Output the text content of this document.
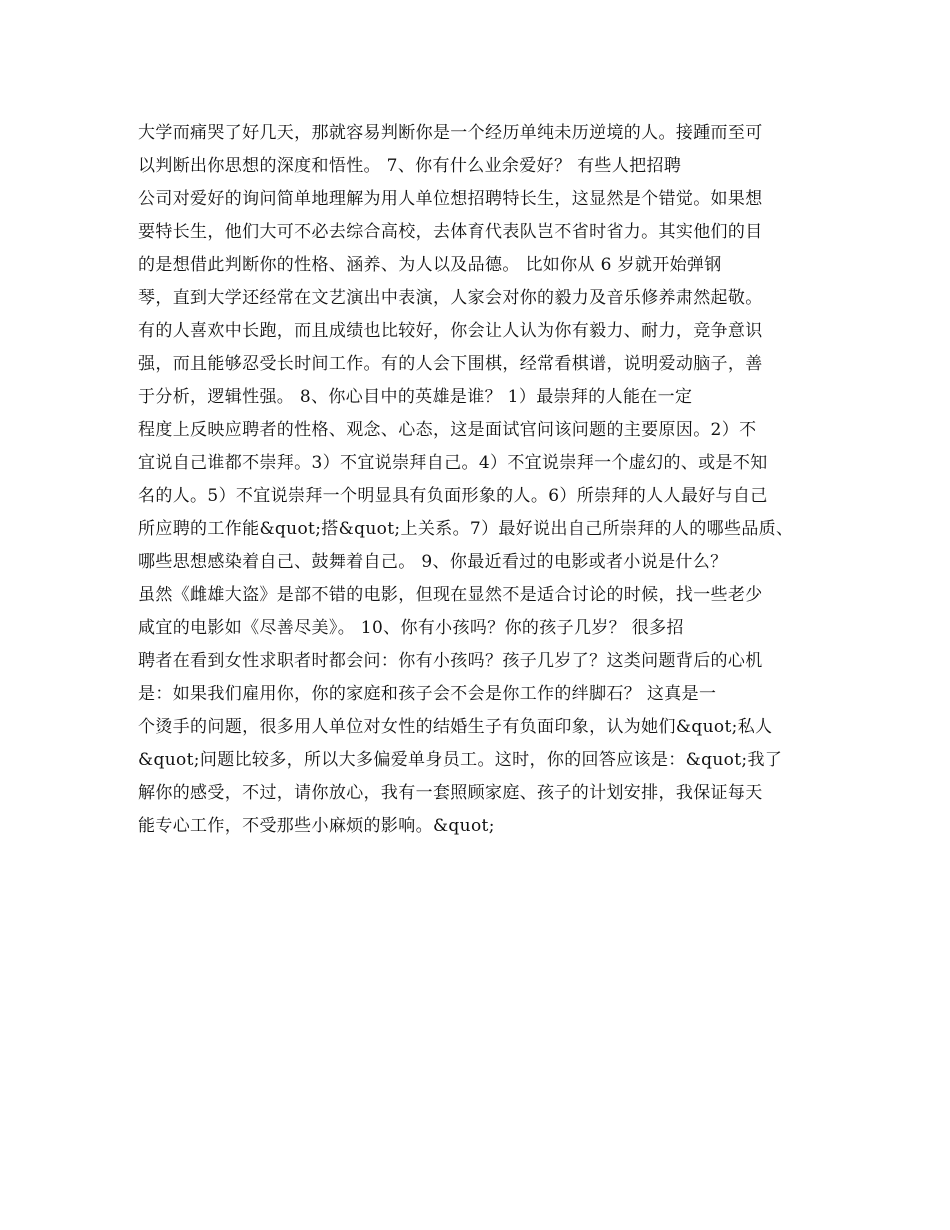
大学而痛哭了好几天，那就容易判断你是一个经历单纯未历逆境的人。接踵而至可
以判断出你思想的深度和悟性。 7、你有什么业余爱好？ 有些人把招聘
公司对爱好的询问简单地理解为用人单位想招聘特长生，这显然是个错觉。如果想
要特长生，他们大可不必去综合高校，去体育代表队岂不省时省力。其实他们的目
的是想借此判断你的性格、涵养、为人以及品德。 比如你从 6 岁就开始弹钢
琴，直到大学还经常在文艺演出中表演，人家会对你的毅力及音乐修养肃然起敬。
有的人喜欢中长跑，而且成绩也比较好，你会让人认为你有毅力、耐力，竞争意识
强，而且能够忍受长时间工作。有的人会下围棋，经常看棋谱，说明爱动脑子，善
于分析，逻辑性强。 8、你心目中的英雄是谁？ 1）最崇拜的人能在一定
程度上反映应聘者的性格、观念、心态，这是面试官问该问题的主要原因。2）不
宜说自己谁都不崇拜。3）不宜说崇拜自己。4）不宜说崇拜一个虚幻的、或是不知
名的人。5）不宜说崇拜一个明显具有负面形象的人。6）所崇拜的人人最好与自己
所应聘的工作能&quot;搭&quot;上关系。7）最好说出自己所崇拜的人的哪些品质、
哪些思想感染着自己、鼓舞着自己。 9、你最近看过的电影或者小说是什么？
虽然《雌雄大盗》是部不错的电影，但现在显然不是适合讨论的时候，找一些老少
咸宜的电影如《尽善尽美》。 10、你有小孩吗？你的孩子几岁？ 很多招
聘者在看到女性求职者时都会问：你有小孩吗？孩子几岁了？这类问题背后的心机
是：如果我们雇用你，你的家庭和孩子会不会是你工作的绊脚石？ 这真是一
个烫手的问题，很多用人单位对女性的结婚生子有负面印象，认为她们&quot;私人
&quot;问题比较多，所以大多偏爱单身员工。这时，你的回答应该是：&quot;我了
解你的感受，不过，请你放心，我有一套照顾家庭、孩子的计划安排，我保证每天
能专心工作，不受那些小麻烦的影响。&quot;
